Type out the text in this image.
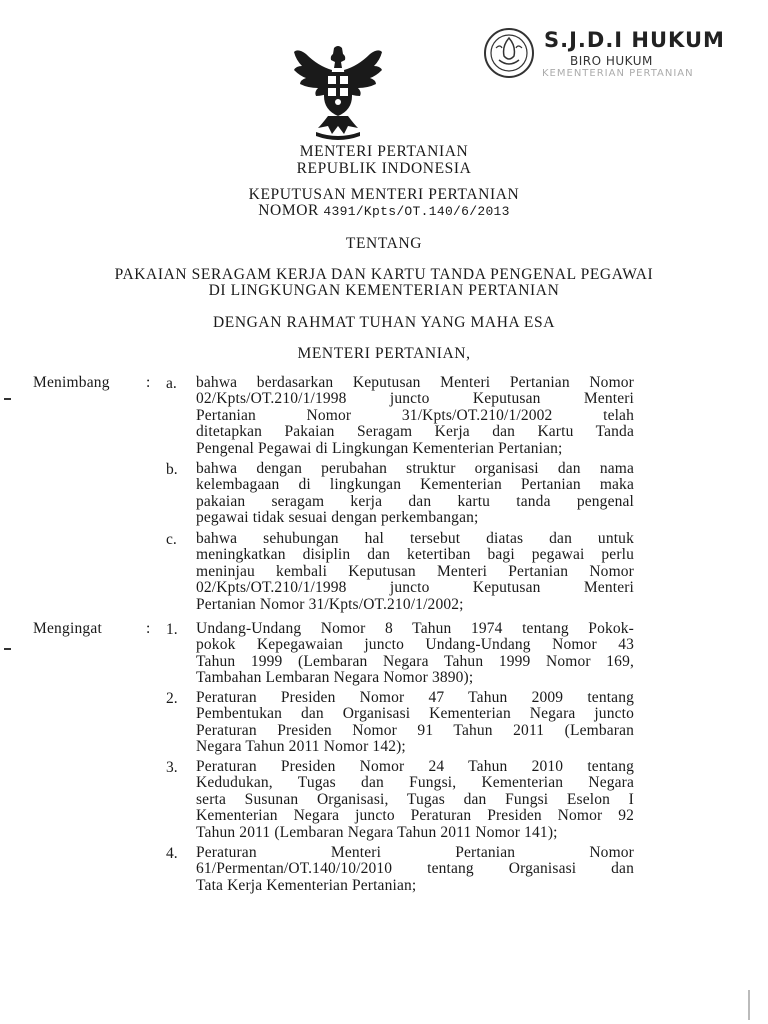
S.J.D.I HUKUM
BIRO HUKUM
KEMENTERIAN PERTANIAN
MENTERI PERTANIAN
REPUBLIK INDONESIA
KEPUTUSAN MENTERI PERTANIAN
NOMOR 4391/Kpts/OT.140/6/2013
TENTANG
PAKAIAN SERAGAM KERJA DAN KARTU TANDA PENGENAL PEGAWAI
DI LINGKUNGAN KEMENTERIAN PERTANIAN
DENGAN RAHMAT TUHAN YANG MAHA ESA
MENTERI PERTANIAN,
Menimbang : a. bahwa berdasarkan Keputusan Menteri Pertanian Nomor
02/Kpts/OT.210/1/1998 juncto Keputusan Menteri
Pertanian Nomor 31/Kpts/OT.210/1/2002 telah
ditetapkan Pakaian Seragam Kerja dan Kartu Tanda
Pengenal Pegawai di Lingkungan Kementerian Pertanian;
b. bahwa dengan perubahan struktur organisasi dan nama
kelembagaan di lingkungan Kementerian Pertanian maka
pakaian seragam kerja dan kartu tanda pengenal
pegawai tidak sesuai dengan perkembangan;
c. bahwa sehubungan hal tersebut diatas dan untuk
meningkatkan disiplin dan ketertiban bagi pegawai perlu
meninjau kembali Keputusan Menteri Pertanian Nomor
02/Kpts/OT.210/1/1998 juncto Keputusan Menteri
Pertanian Nomor 31/Kpts/OT.210/1/2002;
Mengingat	: 1. Undang-Undang Nomor 8 Tahun 1974 tentang Pokok-
pokok Kepegawaian juncto Undang-Undang Nomor 43
Tahun 1999 (Lembaran Negara Tahun 1999 Nomor 169,
Tambahan Lembaran Negara Nomor 3890);
2. Peraturan Presiden Nomor 47 Tahun 2009 tentang
Pembentukan dan Organisasi Kementerian Negara juncto
Peraturan Presiden Nomor 91 Tahun 2011 (Lembaran
Negara Tahun 2011 Nomor 142);
3. Peraturan Presiden Nomor 24 Tahun 2010 tentang
Kedudukan, Tugas dan Fungsi, Kementerian Negara
serta Susunan Organisasi, Tugas dan Fungsi Eselon I
Kementerian Negara juncto Peraturan Presiden Nomor 92
Tahun 2011 (Lembaran Negara Tahun 2011 Nomor 141);
4. Peraturan Menteri Pertanian Nomor
61/Permentan/OT.140/10/2010 tentang Organisasi dan
Tata Kerja Kementerian Pertanian;
